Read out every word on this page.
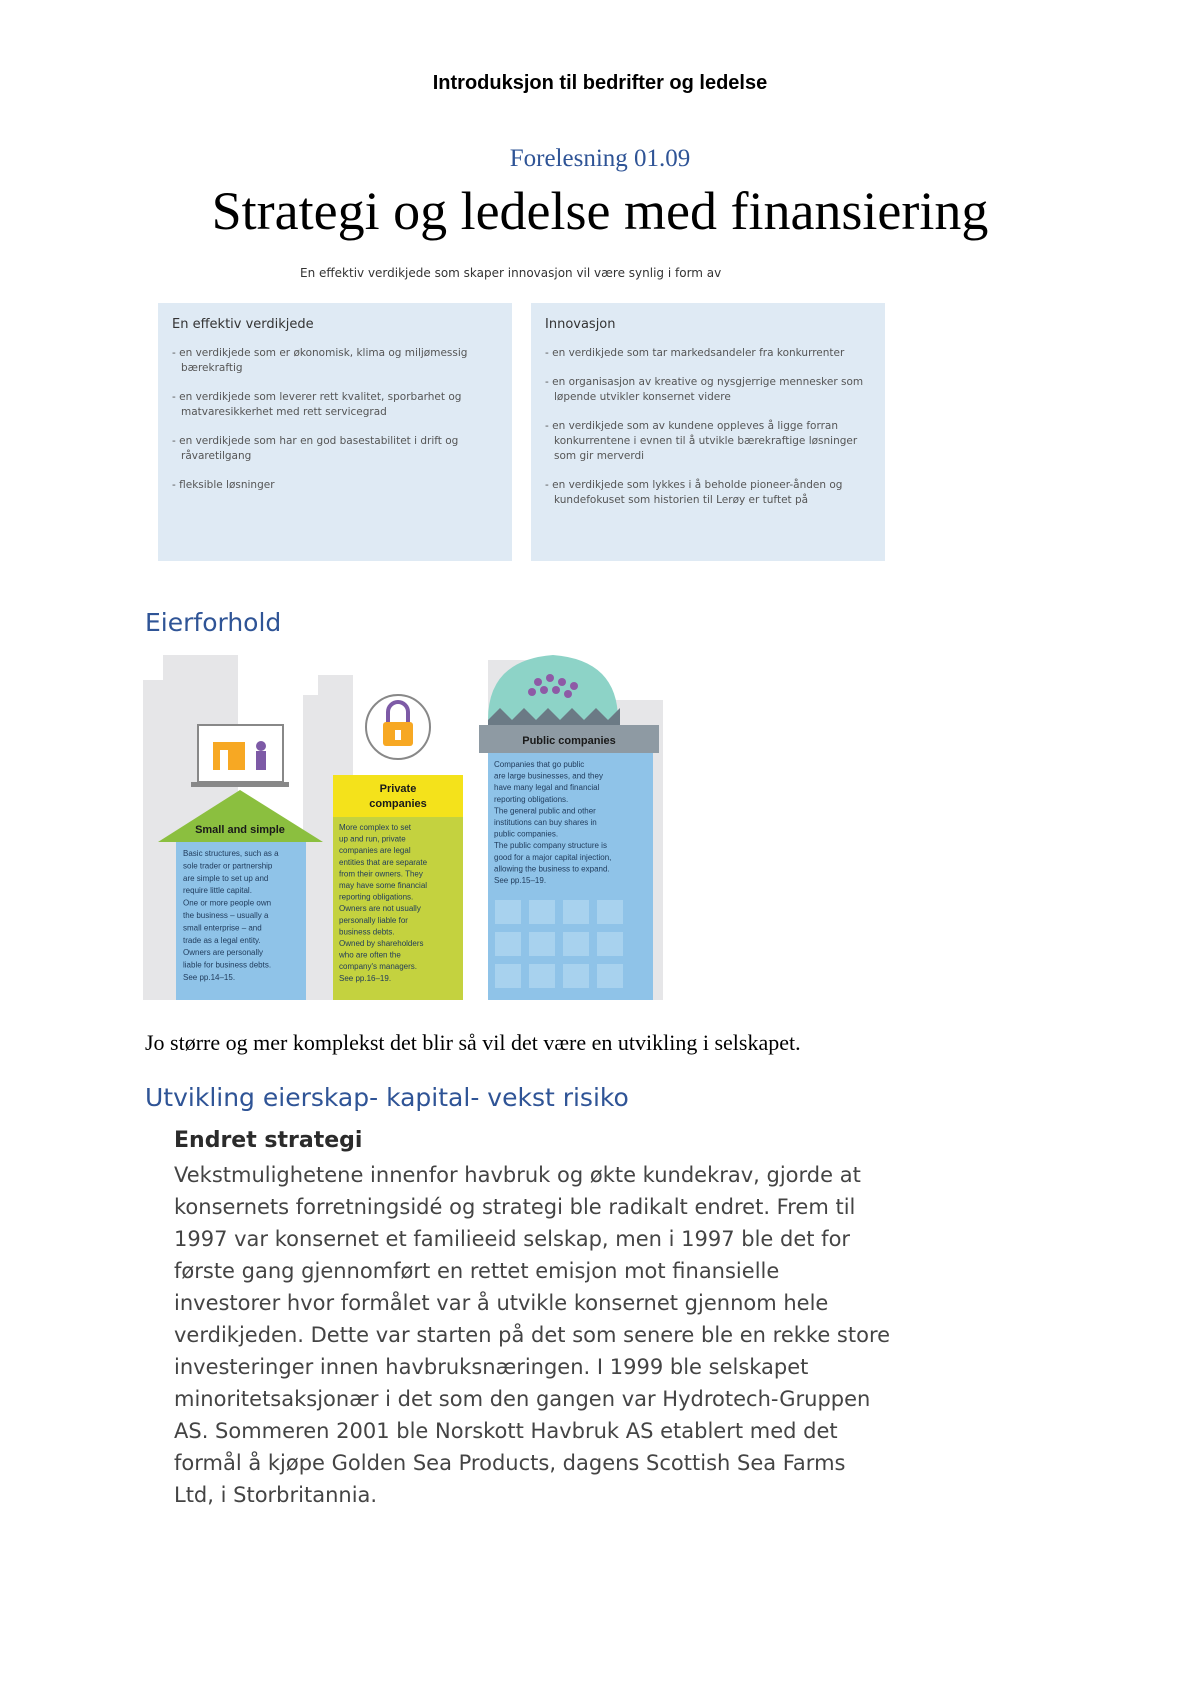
Introduksjon til bedrifter og ledelse
Forelesning 01.09
Strategi og ledelse med finansiering
En effektiv verdikjede som skaper innovasjon vil være synlig i form av
En effektiv verdikjede
- en verdikjede som er økonomisk, klima og miljømessig bærekraftig
- en verdikjede som leverer rett kvalitet, sporbarhet og matvaresikkerhet med rett servicegrad
- en verdikjede som har en god basestabilitet i drift og råvaretilgang
- fleksible løsninger
Innovasjon
- en verdikjede som tar markedsandeler fra konkurrenter
- en organisasjon av kreative og nysgjerrige mennesker som løpende utvikler konsernet videre
- en verdikjede som av kundene oppleves å ligge forran konkurrentene i evnen til å utvikle bærekraftige løsninger som gir merverdi
- en verdikjede som lykkes i å beholde pioneer-ånden og kundefokuset som historien til Lerøy er tuftet på
Eierforhold
Small and simple
Basic structures, such as a
sole trader or partnership
are simple to set up and
require little capital.
One or more people own
the business – usually a
small enterprise – and
trade as a legal entity.
Owners are personally
liable for business debts.
See pp.14–15.
Private
companies
More complex to set
up and run, private
companies are legal
entities that are separate
from their owners. They
may have some financial
reporting obligations.
Owners are not usually
personally liable for
business debts.
Owned by shareholders
who are often the
company's managers.
See pp.16–19.
Public companies
Companies that go public
are large businesses, and they
have many legal and financial
reporting obligations.
The general public and other
institutions can buy shares in
public companies.
The public company structure is
good for a major capital injection,
allowing the business to expand.
See pp.15–19.
Jo større og mer komplekst det blir så vil det være en utvikling i selskapet.
Utvikling eierskap- kapital- vekst risiko
Endret strategi
Vekstmulighetene innenfor havbruk og økte kundekrav, gjorde at
konsernets forretningsidé og strategi ble radikalt endret. Frem til
1997 var konsernet et familieeid selskap, men i 1997 ble det for
første gang gjennomført en rettet emisjon mot finansielle
investorer hvor formålet var å utvikle konsernet gjennom hele
verdikjeden. Dette var starten på det som senere ble en rekke store
investeringer innen havbruksnæringen. I 1999 ble selskapet
minoritetsaksjonær i det som den gangen var Hydrotech-Gruppen
AS. Sommeren 2001 ble Norskott Havbruk AS etablert med det
formål å kjøpe Golden Sea Products, dagens Scottish Sea Farms
Ltd, i Storbritannia.
